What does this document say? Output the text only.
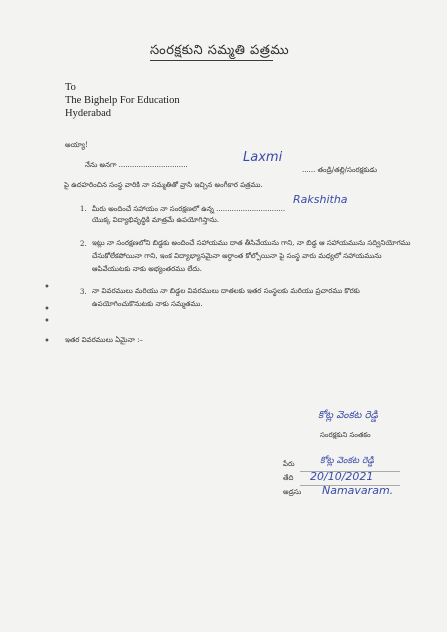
సంరక్షకుని సమ్మతి పత్రము
To
The Bighelp For Education
Hyderabad
అయ్యా!
నేను అనగా ...............................	Laxmi
...... తండ్రి/తల్లి/సంరక్షకుడు
పై ఉదహరించిన సంస్థ వారికి నా సమ్మతితో వ్రాసి ఇచ్చిన అంగీకార పత్రము.
1. మీరు అందించే సహాయం నా సంరక్షణలో ఉన్న ...............................
Rakshitha
యొక్క విద్యాభివృద్ధికి మాత్రమే ఉపయోగిస్తాను.
2. ఇట్లు నా సంరక్షణలోని బిడ్డకు అందించే సహాయము దాత తీసివేయును గాని, నా బిడ్డ ఆ సహాయమును సద్వినియోగము చేసుకోలేకపోయినా గాని, ఇంక విద్యాభ్యాసమైనా అర్ధాంత కోల్పోయినా పై సంస్థ వారు మధ్యలో సహాయమును ఆపివేయుటకు నాకు అభ్యంతరము లేదు.
3. నా వివరములు మరియు నా బిడ్డల వివరములు దాతలకు ఇతర సంస్థలకు మరియు ప్రచారము కొరకు ఉపయోగించుకొనుటకు నాకు సమ్మతము.
•
•
•
• ఇతర వివరములు ఏమైనా :–
కోట్ల వెంకట రెడ్డి
సంరక్షకుని సంతకం
పేరు	కోట్ల వెంకట రెడ్డి
తేది 20/10/2021
అడ్రసు Namavaram.
